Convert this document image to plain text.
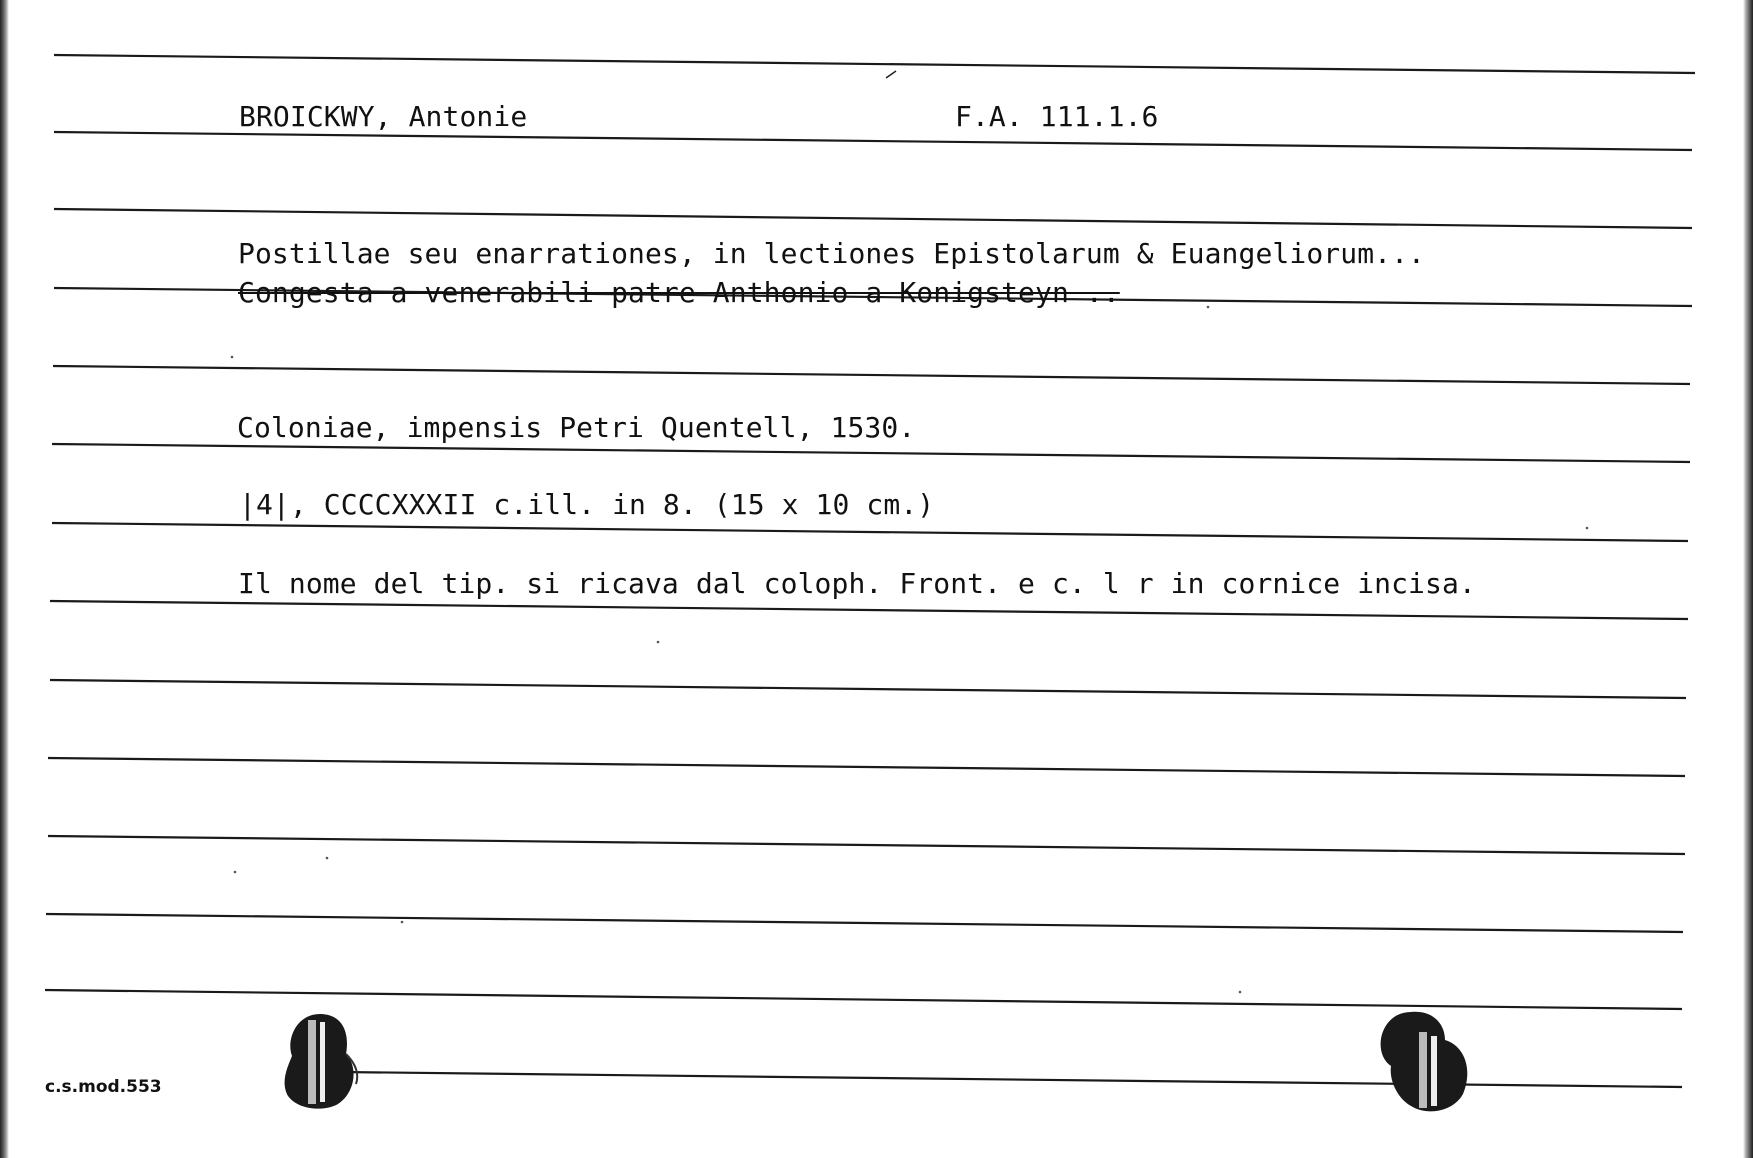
BROICKWY, Antonie	F.A. 111.1.6
Postillae seu enarrationes, in lectiones Epistolarum & Euangeliorum...
Congesta a venerabili patre Anthonio a Konigsteyn ..
Coloniae, impensis Petri Quentell, 1530.
|4|, CCCCXXXII c.ill. in 8. (15 x 10 cm.)
Il nome del tip. si ricava dal coloph. Front. e c. l r in cornice incisa.
c.s.mod.553
